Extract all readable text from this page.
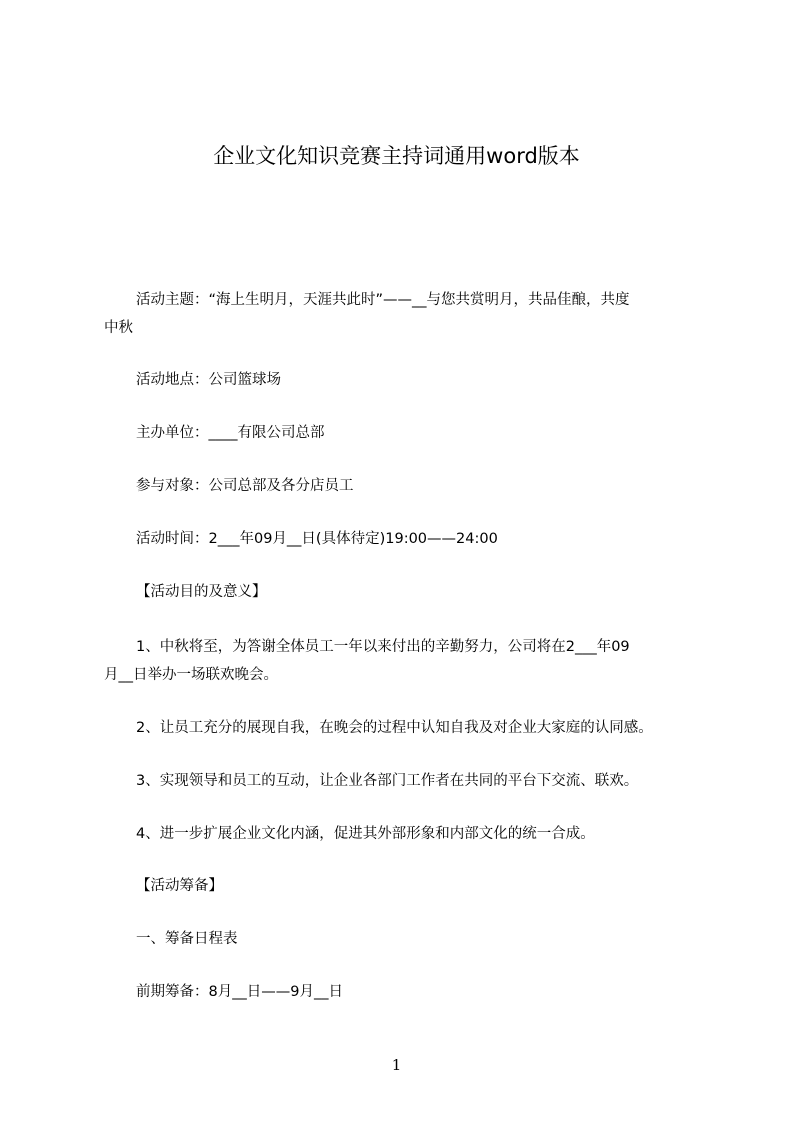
企业文化知识竞赛主持词通用word版本

活动主题：“海上生明月，天涯共此时”——__与您共赏明月，共品佳酿，共度
中秋

活动地点：公司篮球场

主办单位：____有限公司总部

参与对象：公司总部及各分店员工

活动时间：2___年09月__日(具体待定)19:00——24:00

【活动目的及意义】

1、中秋将至，为答谢全体员工一年以来付出的辛勤努力，公司将在2___年09
月__日举办一场联欢晚会。

2、让员工充分的展现自我，在晚会的过程中认知自我及对企业大家庭的认同感。

3、实现领导和员工的互动，让企业各部门工作者在共同的平台下交流、联欢。

4、进一步扩展企业文化内涵，促进其外部形象和内部文化的统一合成。

【活动筹备】

一、筹备日程表

前期筹备：8月__日——9月__日

1
